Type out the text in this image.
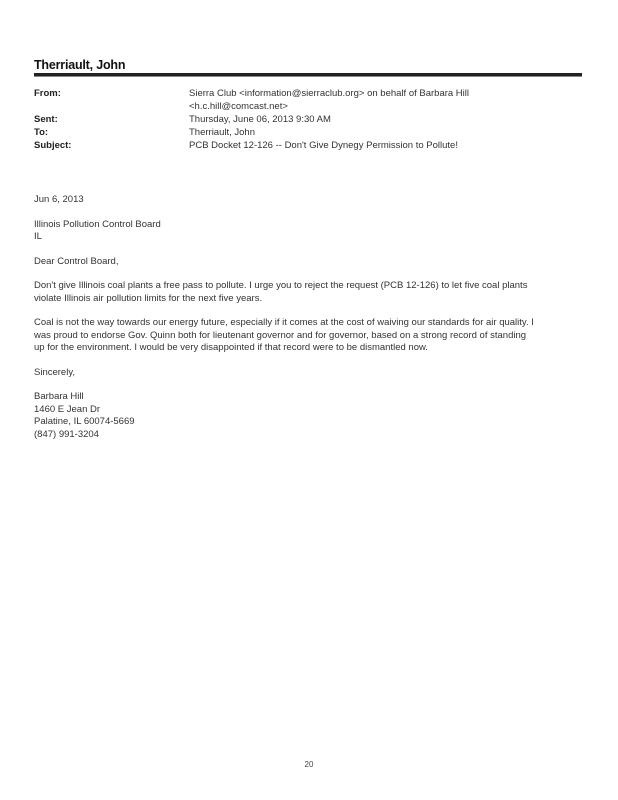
Therriault, John
From:	Sierra Club <information@sierraclub.org> on behalf of Barbara Hill
<h.c.hill@comcast.net>
Sent:	Thursday, June 06, 2013 9:30 AM
To:	Therriault, John
Subject:	PCB Docket 12-126 -- Don't Give Dynegy Permission to Pollute!

Jun 6, 2013

Illinois Pollution Control Board
IL

Dear Control Board,

Don't give Illinois coal plants a free pass to pollute. I urge you to reject the request (PCB 12-126) to let five coal plants
violate Illinois air pollution limits for the next five years.

Coal is not the way towards our energy future, especially if it comes at the cost of waiving our standards for air quality. I
was proud to endorse Gov. Quinn both for lieutenant governor and for governor, based on a strong record of standing
up for the environment. I would be very disappointed if that record were to be dismantled now.

Sincerely,

Barbara Hill
1460 E Jean Dr
Palatine, IL 60074-5669
(847) 991-3204

20
